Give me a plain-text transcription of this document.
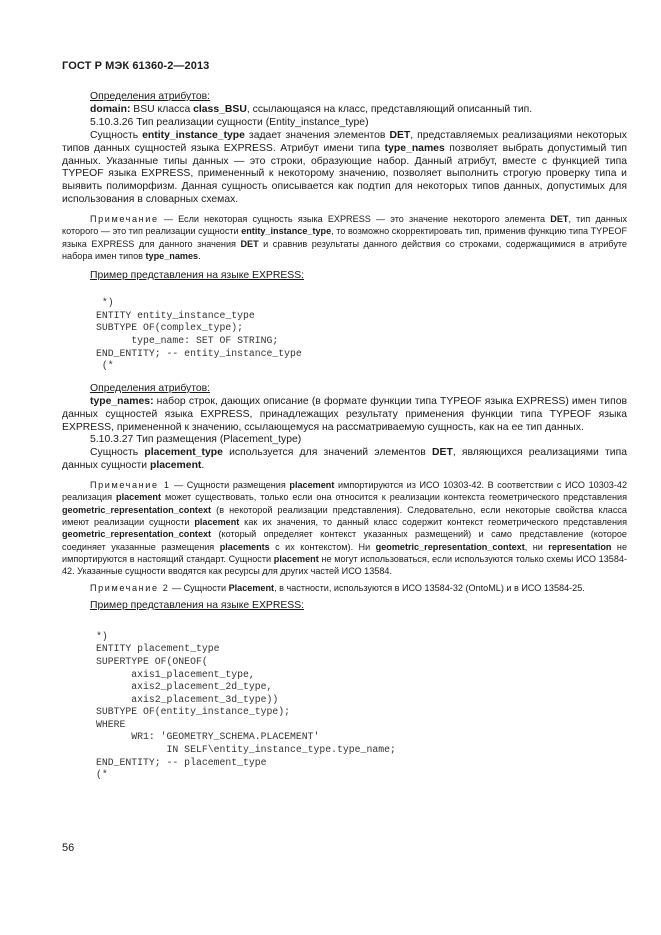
ГОСТ Р МЭК 61360-2—2013

Определения атрибутов:

domain: BSU класса class_BSU, ссылающаяся на класс, представляющий описанный тип.

5.10.3.26 Тип реализации сущности (Entity_instance_type)

Сущность entity_instance_type задает значения элементов DET, представляемых реализациями некоторых типов данных сущностей языка EXPRESS. Атрибут имени типа type_names позволяет выбрать допустимый тип данных. Указанные типы данных — это строки, образующие набор. Данный атрибут, вместе с функцией типа TYPEOF языка EXPRESS, примененный к некоторому значению, позволяет выполнить строгую проверку типа и выявить полиморфизм. Данная сущность описывается как подтип для некоторых типов данных, допустимых для использования в словарных схемах.

Примечание — Если некоторая сущность языка EXPRESS — это значение некоторого элемента DET, тип данных которого — это тип реализации сущности entity_instance_type, то возможно скорректировать тип, применив функцию типа TYPEOF языка EXPRESS для данного значения DET и сравнив результаты данного действия со строками, содержащимися в атрибуте набора имен типов type_names.

Пример представления на языке EXPRESS:

*)
ENTITY entity_instance_type
SUBTYPE OF(complex_type);
type_name: SET OF STRING;
END_ENTITY; -- entity_instance_type
(*

Определения атрибутов:

type_names: набор строк, дающих описание (в формате функции типа TYPEOF языка EXPRESS) имен типов данных сущностей языка EXPRESS, принадлежащих результату применения функции типа TYPEOF языка EXPRESS, примененной к значению, ссылающемуся на рассматриваемую сущность, как на ее тип данных.

5.10.3.27 Тип размещения (Placement_type)

Сущность placement_type используется для значений элементов DET, являющихся реализациями типа данных сущности placement.

Примечание 1 — Сущности размещения placement импортируются из ИСО 10303-42. В соответствии с ИСО 10303-42 реализация placement может существовать, только если она относится к реализации контекста геометрического представления geometric_representation_context (в некоторой реализации представления). Следовательно, если некоторые свойства класса имеют реализации сущности placement как их значения, то данный класс содержит контекст геометрического представления geometric_representation_context (который определяет контекст указанных размещений) и само представление (которое соединяет указанные размещения placements с их контекстом). Ни geometric_representation_context, ни representation не импортируются в настоящий стандарт. Сущности placement не могут использоваться, если используются только схемы ИСО 13584-42. Указанные сущности вводятся как ресурсы для других частей ИСО 13584.

Примечание 2 — Сущности Placement, в частности, используются в ИСО 13584-32 (OntoML) и в ИСО 13584-25.

Пример представления на языке EXPRESS:

*)
ENTITY placement_type
SUPERTYPE OF(ONEOF(
axis1_placement_type,
axis2_placement_2d_type,
axis2_placement_3d_type))
SUBTYPE OF(entity_instance_type);
WHERE
WR1: 'GEOMETRY_SCHEMA.PLACEMENT'
IN SELF\entity_instance_type.type_name;
END_ENTITY; -- placement_type
(*
56
